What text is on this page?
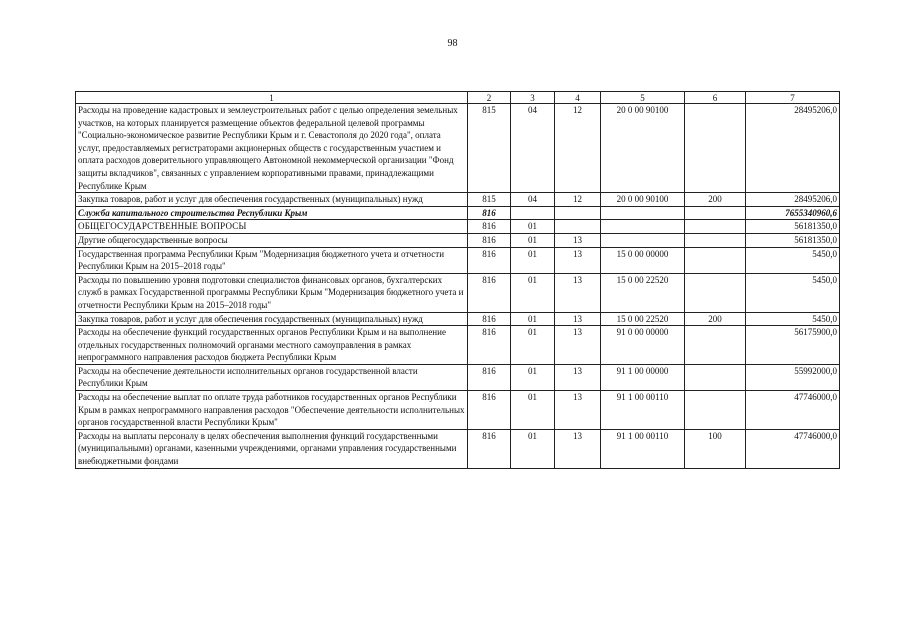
98
1	2	3	4	5	6	7
Расходы на проведение кадастровых и землеустроительных работ с целью определения земельных участков, на которых планируется размещение объектов федеральной целевой программы "Социально-экономическое развитие Республики Крым и г. Севастополя до 2020 года", оплата услуг, предоставляемых регистраторами акционерных обществ с государственным участием и оплата расходов доверительного управляющего Автономной некоммерческой организации "Фонд защиты вкладчиков", связанных с управлением корпоративными правами, принадлежащими Республике Крым	815	04	12	20 0 00 90100		28495206,0
Закупка товаров, работ и услуг для обеспечения государственных (муниципальных) нужд	815	04	12	20 0 00 90100	200	28495206,0
Служба капитального строительства Республики Крым	816					7655340960,6
ОБЩЕГОСУДАРСТВЕННЫЕ ВОПРОСЫ	816	01				56181350,0
Другие общегосударственные вопросы	816	01	13			56181350,0
Государственная программа Республики Крым "Модернизация бюджетного учета и отчетности Республики Крым на 2015–2018 годы"	816	01	13	15 0 00 00000		5450,0
Расходы по повышению уровня подготовки специалистов финансовых органов, бухгалтерских служб в рамках Государственной программы Республики Крым "Модернизация бюджетного учета и отчетности Республики Крым на 2015–2018 годы"	816	01	13	15 0 00 22520		5450,0
Закупка товаров, работ и услуг для обеспечения государственных (муниципальных) нужд	816	01	13	15 0 00 22520	200	5450,0
Расходы на обеспечение функций государственных органов Республики Крым и на выполнение отдельных государственных полномочий органами местного самоуправления в рамках непрограммного направления расходов бюджета Республики Крым	816	01	13	91 0 00 00000		56175900,0
Расходы на обеспечение деятельности исполнительных органов государственной власти Республики Крым	816	01	13	91 1 00 00000		55992000,0
Расходы на обеспечение выплат по оплате труда работников государственных органов Республики Крым в рамках непрограммного направления расходов "Обеспечение деятельности исполнительных органов государственной власти Республики Крым"	816	01	13	91 1 00 00110		47746000,0
Расходы на выплаты персоналу в целях обеспечения выполнения функций государственными (муниципальными) органами, казенными учреждениями, органами управления государственными внебюджетными фондами	816	01	13	91 1 00 00110	100	47746000,0
